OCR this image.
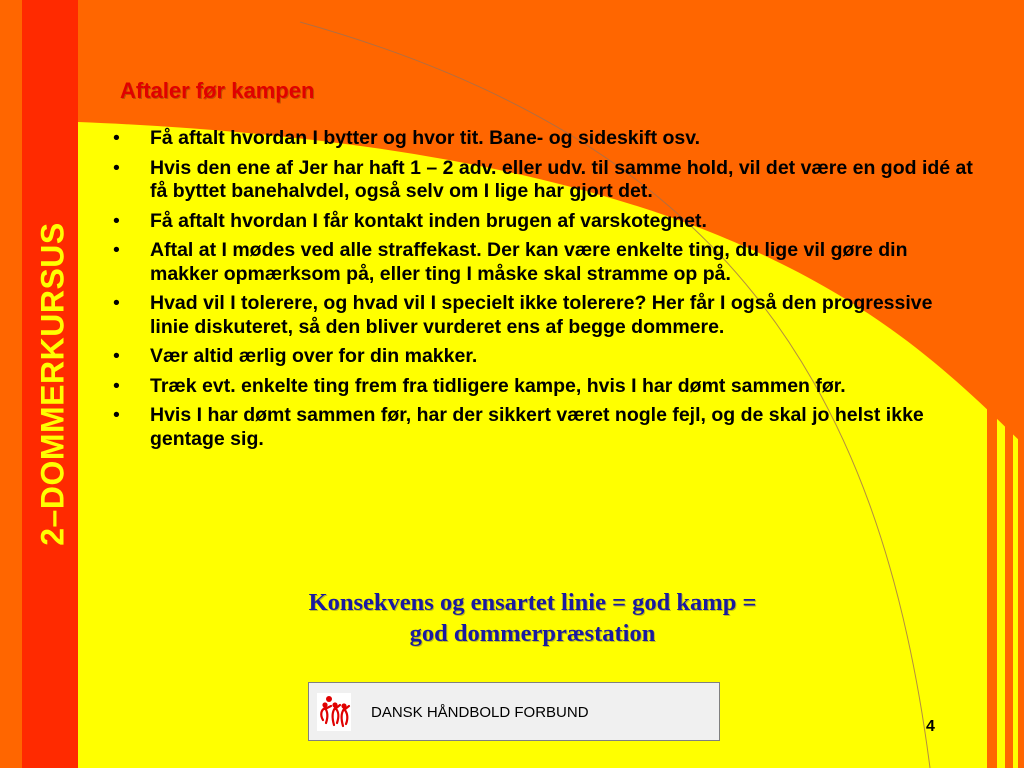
2–DOMMERKURSUS
Aftaler før kampen
• Få aftalt hvordan I bytter og hvor tit. Bane- og sideskift osv.
• Hvis den ene af Jer har haft 1 – 2 adv. eller udv. til samme hold, vil det være en god idé at få byttet banehalvdel, også selv om I lige har gjort det.
• Få aftalt hvordan I får kontakt inden brugen af varskotegnet.
• Aftal at I mødes ved alle straffekast. Der kan være enkelte ting, du lige vil gøre din makker opmærksom på, eller ting I måske skal stramme op på.
• Hvad vil I tolerere, og hvad vil I specielt ikke tolerere? Her får I også den progressive linie diskuteret, så den bliver vurderet ens af begge dommere.
• Vær altid ærlig over for din makker.
• Træk evt. enkelte ting frem fra tidligere kampe, hvis I har dømt sammen før.
• Hvis I har dømt sammen før, har der sikkert været nogle fejl, og de skal jo helst ikke gentage sig.
Konsekvens og ensartet linie = god kamp =
god dommerpræstation
DANSK HÅNDBOLD FORBUND
4
